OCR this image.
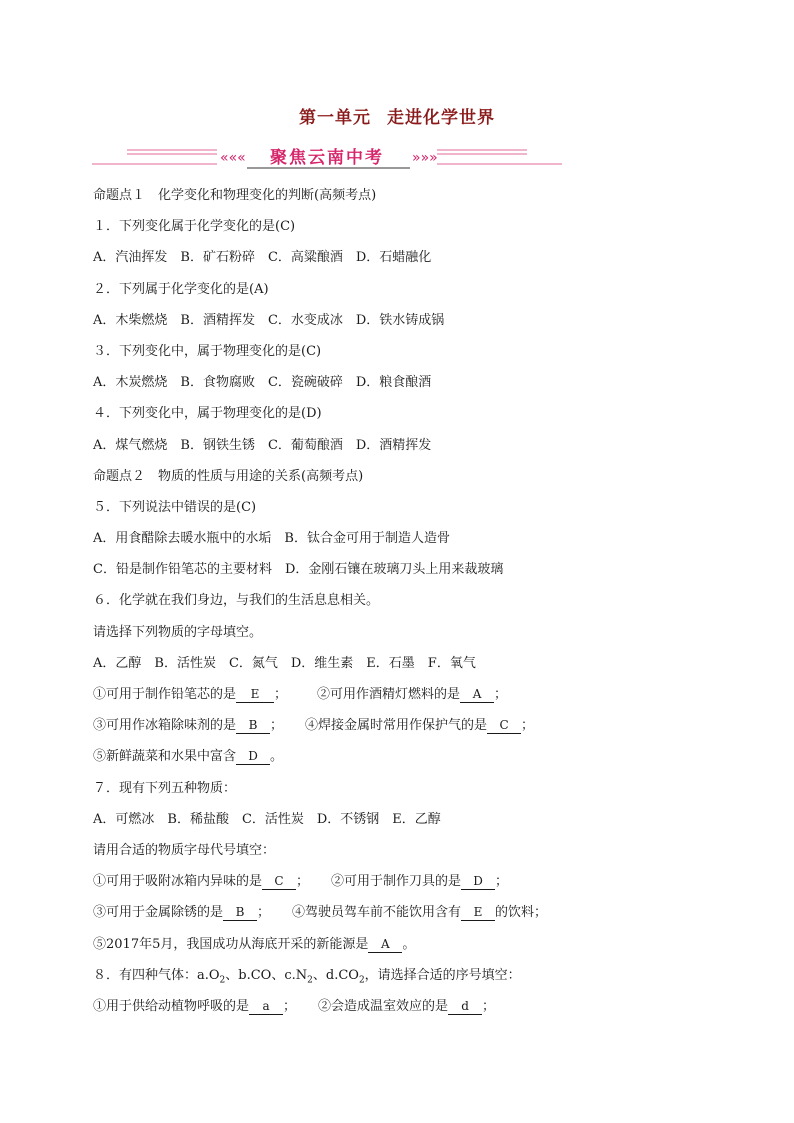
第一单元 走进化学世界
«««	»»»
聚焦云南中考
命题点１　化学变化和物理变化的判断(高频考点)
１．下列变化属于化学变化的是(C)
A．汽油挥发　B．矿石粉碎　C．高粱酿酒　D．石蜡融化
２．下列属于化学变化的是(A)
A．木柴燃烧　B．酒精挥发　C．水变成冰　D．铁水铸成锅
３．下列变化中，属于物理变化的是(C)
A．木炭燃烧　B．食物腐败　C．瓷碗破碎　D．粮食酿酒
４．下列变化中，属于物理变化的是(D)
A．煤气燃烧　B．钢铁生锈　C．葡萄酿酒　D．酒精挥发
命题点２　物质的性质与用途的关系(高频考点)
５．下列说法中错误的是(C)
A．用食醋除去暖水瓶中的水垢　B．钛合金可用于制造人造骨
C．铅是制作铅笔芯的主要材料　D．金刚石镶在玻璃刀头上用来裁玻璃
６．化学就在我们身边，与我们的生活息息相关。
请选择下列物质的字母填空。
A．乙醇　B．活性炭　C．氮气　D．维生素　E．石墨　F．氧气
①可用于制作铅笔芯的是 E ； ②可用作酒精灯燃料的是 A ；
③可用作冰箱除味剂的是 B ； ④焊接金属时常用作保护气的是 C ；
⑤新鲜蔬菜和水果中富含 D 。
７．现有下列五种物质：
A．可燃冰　B．稀盐酸　C．活性炭　D．不锈钢　E．乙醇
请用合适的物质字母代号填空：
①可用于吸附冰箱内异味的是 C ； ②可用于制作刀具的是 D ；
③可用于金属除锈的是 B ； ④驾驶员驾车前不能饮用含有 E 的饮料；
⑤2017年5月，我国成功从海底开采的新能源是 A 。
８．有四种气体：$a.O_2$、b.CO、$c.N_2$、$d.CO_2$，请选择合适的序号填空：
①用于供给动植物呼吸的是 a ； ②会造成温室效应的是 d ；
